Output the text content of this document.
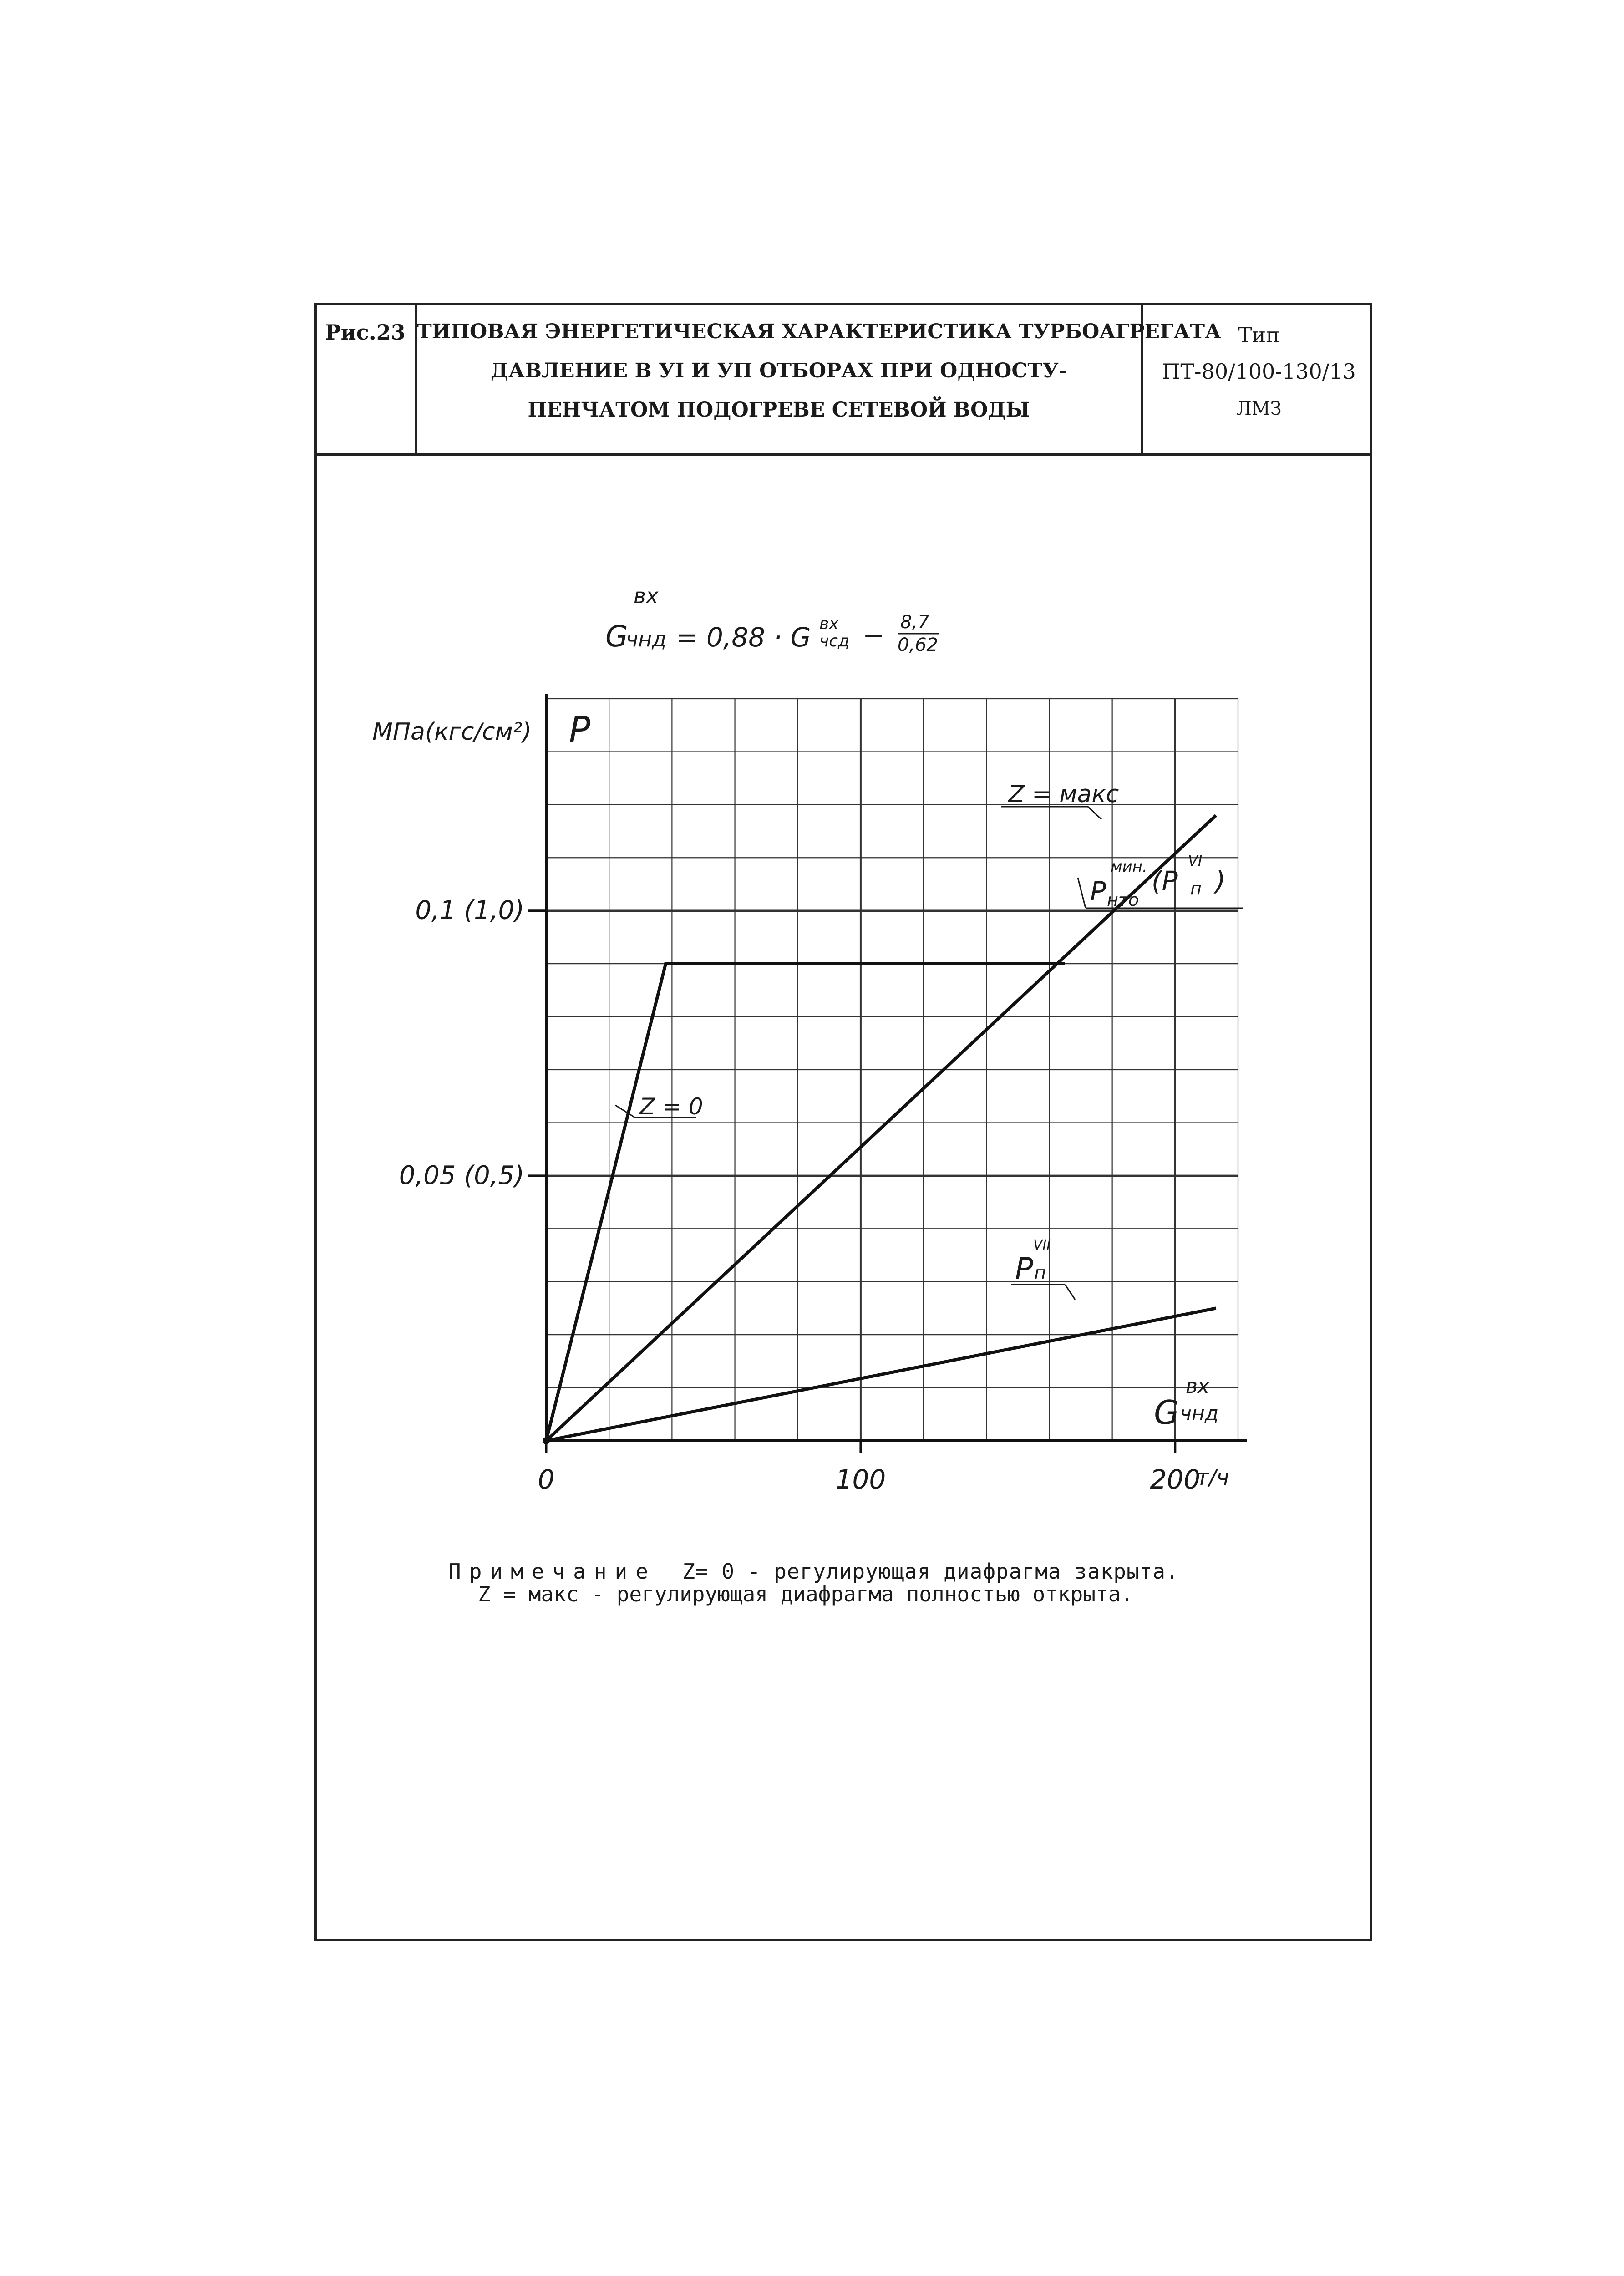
Рис.23 ТИПОВАЯ ЭНЕРГЕТИЧЕСКАЯ ХАРАКТЕРИСТИКА ТУРБОАГРЕГАТА
ДАВЛЕНИЕ В УI И УП ОТБОРАХ ПРИ ОДНОСТУ-
ПЕНЧАТОМ ПОДОГРЕВЕ СЕТЕВОЙ ВОДЫ
Тип
ПТ-80/100-130/13
ЛМЗ
G
вх
чнд = 0,88 · G вх
чсд − 8,7
0,62
0,05 (0,5)
0,1 (1,0)
0	100	200
МПа(кгс/см²) P
G
вх
чнд
т/ч
Z = макс
Z = 0
P
VII
п
P нто
мин. (P
VI
п )
Примечание Z= 0 - регулирующая диафрагма закрыта.
Z = макс - регулирующая диафрагма полностью открыта.
